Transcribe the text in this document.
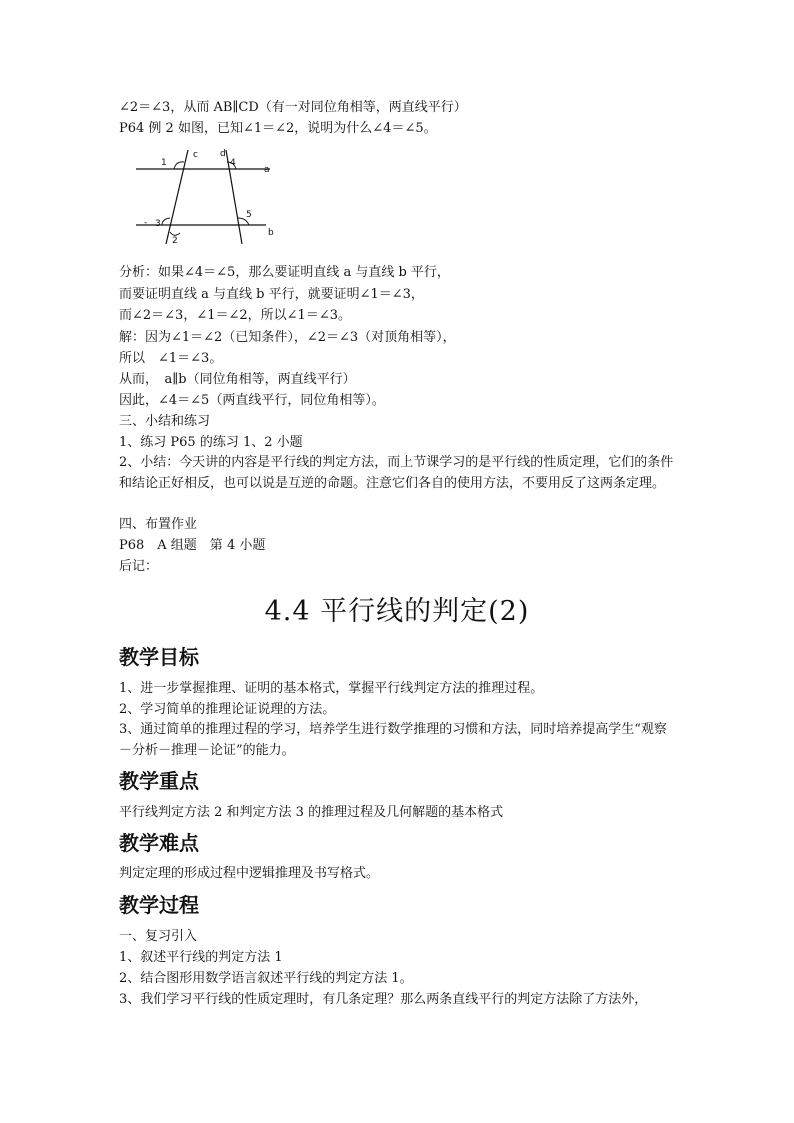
∠2＝∠3，从而 AB∥CD（有一对同位角相等，两直线平行）
P64 例 2 如图，已知∠1＝∠2，说明为什么∠4＝∠5。
1
c d
4
a
5
- 3
2
b
分析：如果∠4＝∠5，那么要证明直线 a 与直线 b 平行，
而要证明直线 a 与直线 b 平行，就要证明∠1＝∠3，
而∠2＝∠3，∠1＝∠2，所以∠1＝∠3。
解：因为∠1＝∠2（已知条件），∠2＝∠3（对顶角相等），
所以　∠1＝∠3。
从而，　a∥b（同位角相等，两直线平行）
因此，∠4＝∠5（两直线平行，同位角相等）。
三、小结和练习
1、练习 P65 的练习 1、2 小题
2、小结：今天讲的内容是平行线的判定方法，而上节课学习的是平行线的性质定理，它们的条件和结论正好相反，也可以说是互逆的命题。注意它们各自的使用方法，不要用反了这两条定理。
四、布置作业
P68　A 组题　第 4 小题
后记：
4.4 平行线的判定(2)
教学目标
1、进一步掌握推理、证明的基本格式，掌握平行线判定方法的推理过程。
2、学习简单的推理论证说理的方法。
3、通过简单的推理过程的学习，培养学生进行数学推理的习惯和方法，同时培养提高学生“观察－分析－推理－论证”的能力。
教学重点
平行线判定方法 2 和判定方法 3 的推理过程及几何解题的基本格式
教学难点
判定定理的形成过程中逻辑推理及书写格式。
教学过程
一、复习引入
1、叙述平行线的判定方法 1
2、结合图形用数学语言叙述平行线的判定方法 1。
3、我们学习平行线的性质定理时，有几条定理？那么两条直线平行的判定方法除了方法外，
